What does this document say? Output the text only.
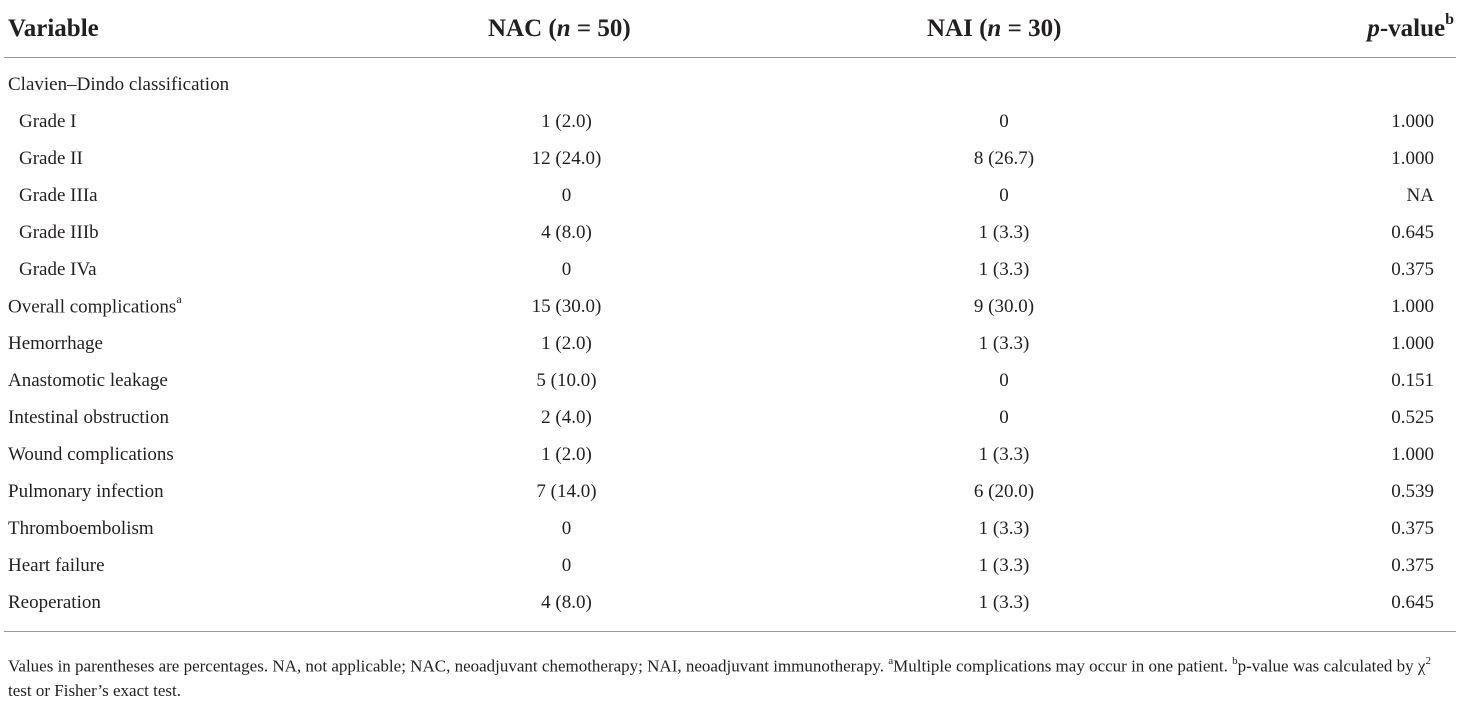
Variable	NAC (n = 50)	NAI (n = 30)	p-value$^b$
Clavien–Dindo classification			
Grade I	1 (2.0)	0	1.000
Grade II	12 (24.0)	8 (26.7)	1.000
Grade IIIa	0	0	NA
Grade IIIb	4 (8.0)	1 (3.3)	0.645
Grade IVa	0	1 (3.3)	0.375
Overall complications$^a$	15 (30.0)	9 (30.0)	1.000
Hemorrhage	1 (2.0)	1 (3.3)	1.000
Anastomotic leakage	5 (10.0)	0	0.151
Intestinal obstruction	2 (4.0)	0	0.525
Wound complications	1 (2.0)	1 (3.3)	1.000
Pulmonary infection	7 (14.0)	6 (20.0)	0.539
Thromboembolism	0	1 (3.3)	0.375
Heart failure	0	1 (3.3)	0.375
Reoperation	4 (8.0)	1 (3.3)	0.645
Values in parentheses are percentages. NA, not applicable; NAC, neoadjuvant chemotherapy; NAI, neoadjuvant immunotherapy. $^a$Multiple complications may occur in one patient. $^b$p-value was calculated by $\chi^2$ test or Fisher’s exact test.
